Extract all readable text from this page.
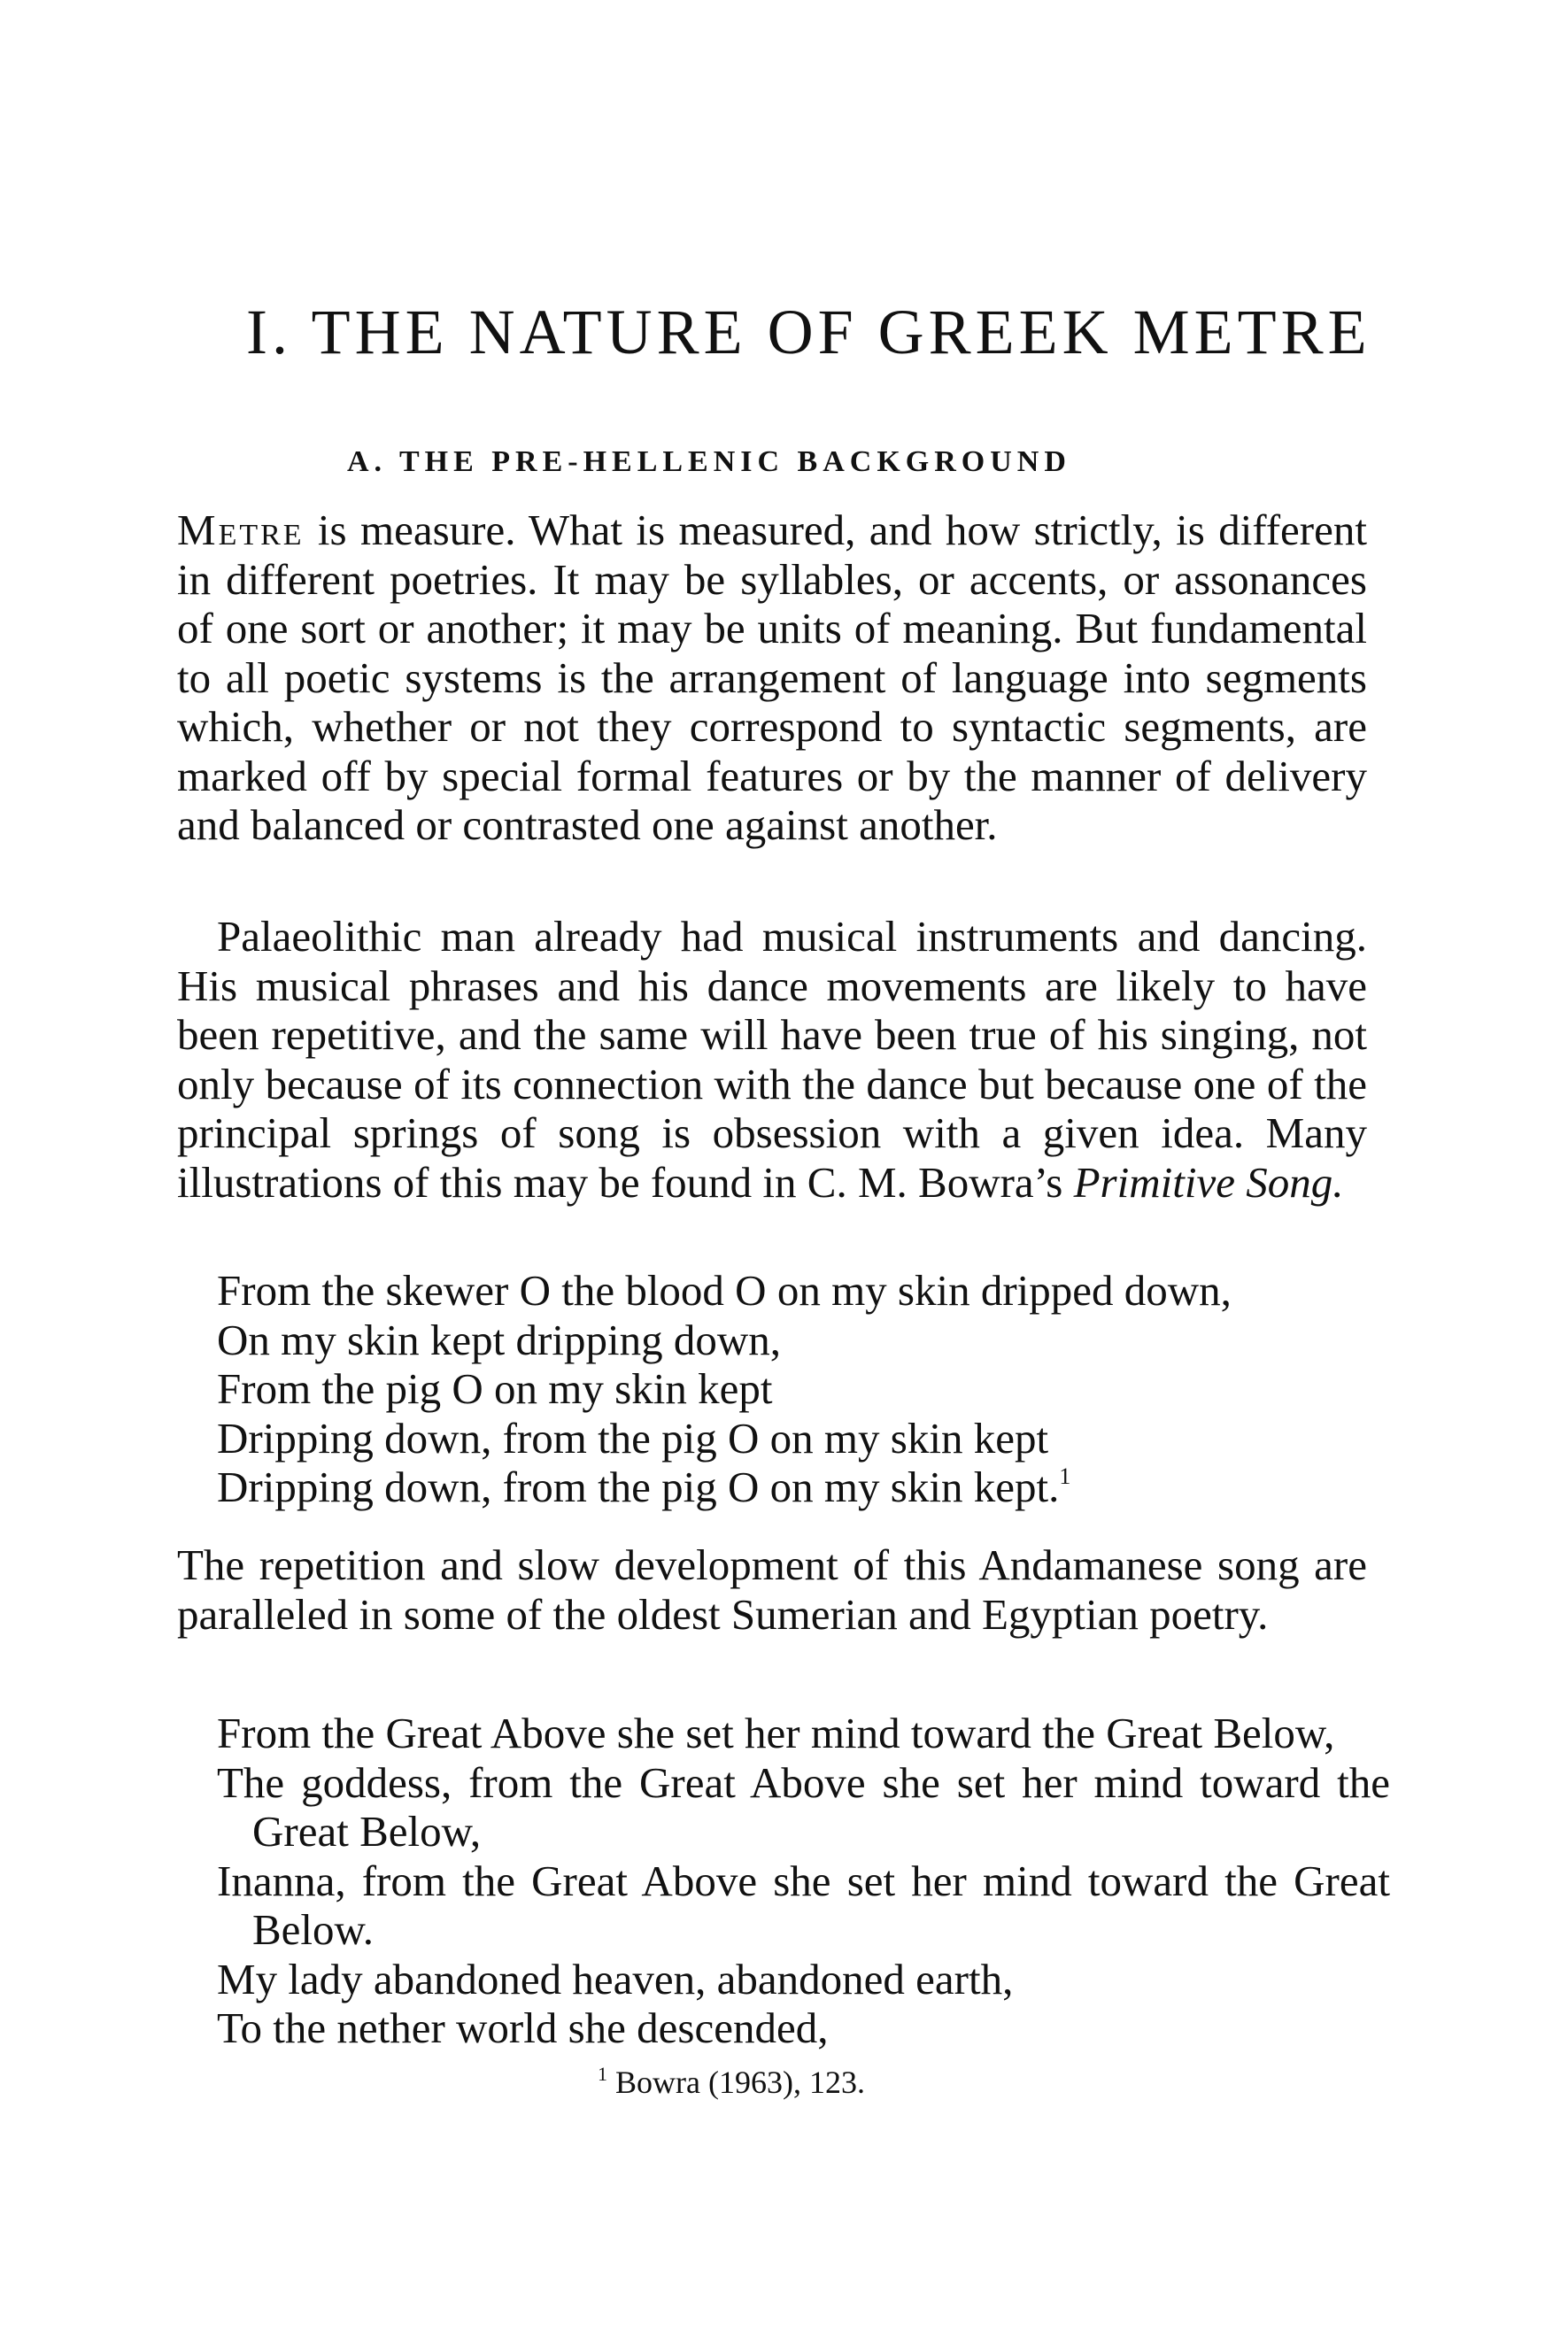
I. THE NATURE OF GREEK METRE
A. THE PRE-HELLENIC BACKGROUND

Metre is measure. What is measured, and how strictly, is different in different poetries. It may be syllables, or accents, or assonances of one sort or another; it may be units of meaning. But fundamental to all poetic systems is the arrangement of language into segments which, whether or not they correspond to syntactic segments, are marked off by special formal features or by the manner of delivery and balanced or contrasted one against another.

Palaeolithic man already had musical instruments and dancing. His musical phrases and his dance movements are likely to have been repetitive, and the same will have been true of his singing, not only because of its connection with the dance but because one of the principal springs of song is obsession with a given idea. Many illustrations of this may be found in C. M. Bowra’s Primitive Song.

From the skewer O the blood O on my skin dripped down,
On my skin kept dripping down,
From the pig O on my skin kept
Dripping down, from the pig O on my skin kept
Dripping down, from the pig O on my skin kept.$^1$

The repetition and slow development of this Andamanese song are paralleled in some of the oldest Sumerian and Egyptian poetry.

From the Great Above she set her mind toward the Great Below,
The goddess, from the Great Above she set her mind toward the Great Below,
Inanna, from the Great Above she set her mind toward the Great Below.
My lady abandoned heaven, abandoned earth,
To the nether world she descended,
$^1$ Bowra (1963), 123.
